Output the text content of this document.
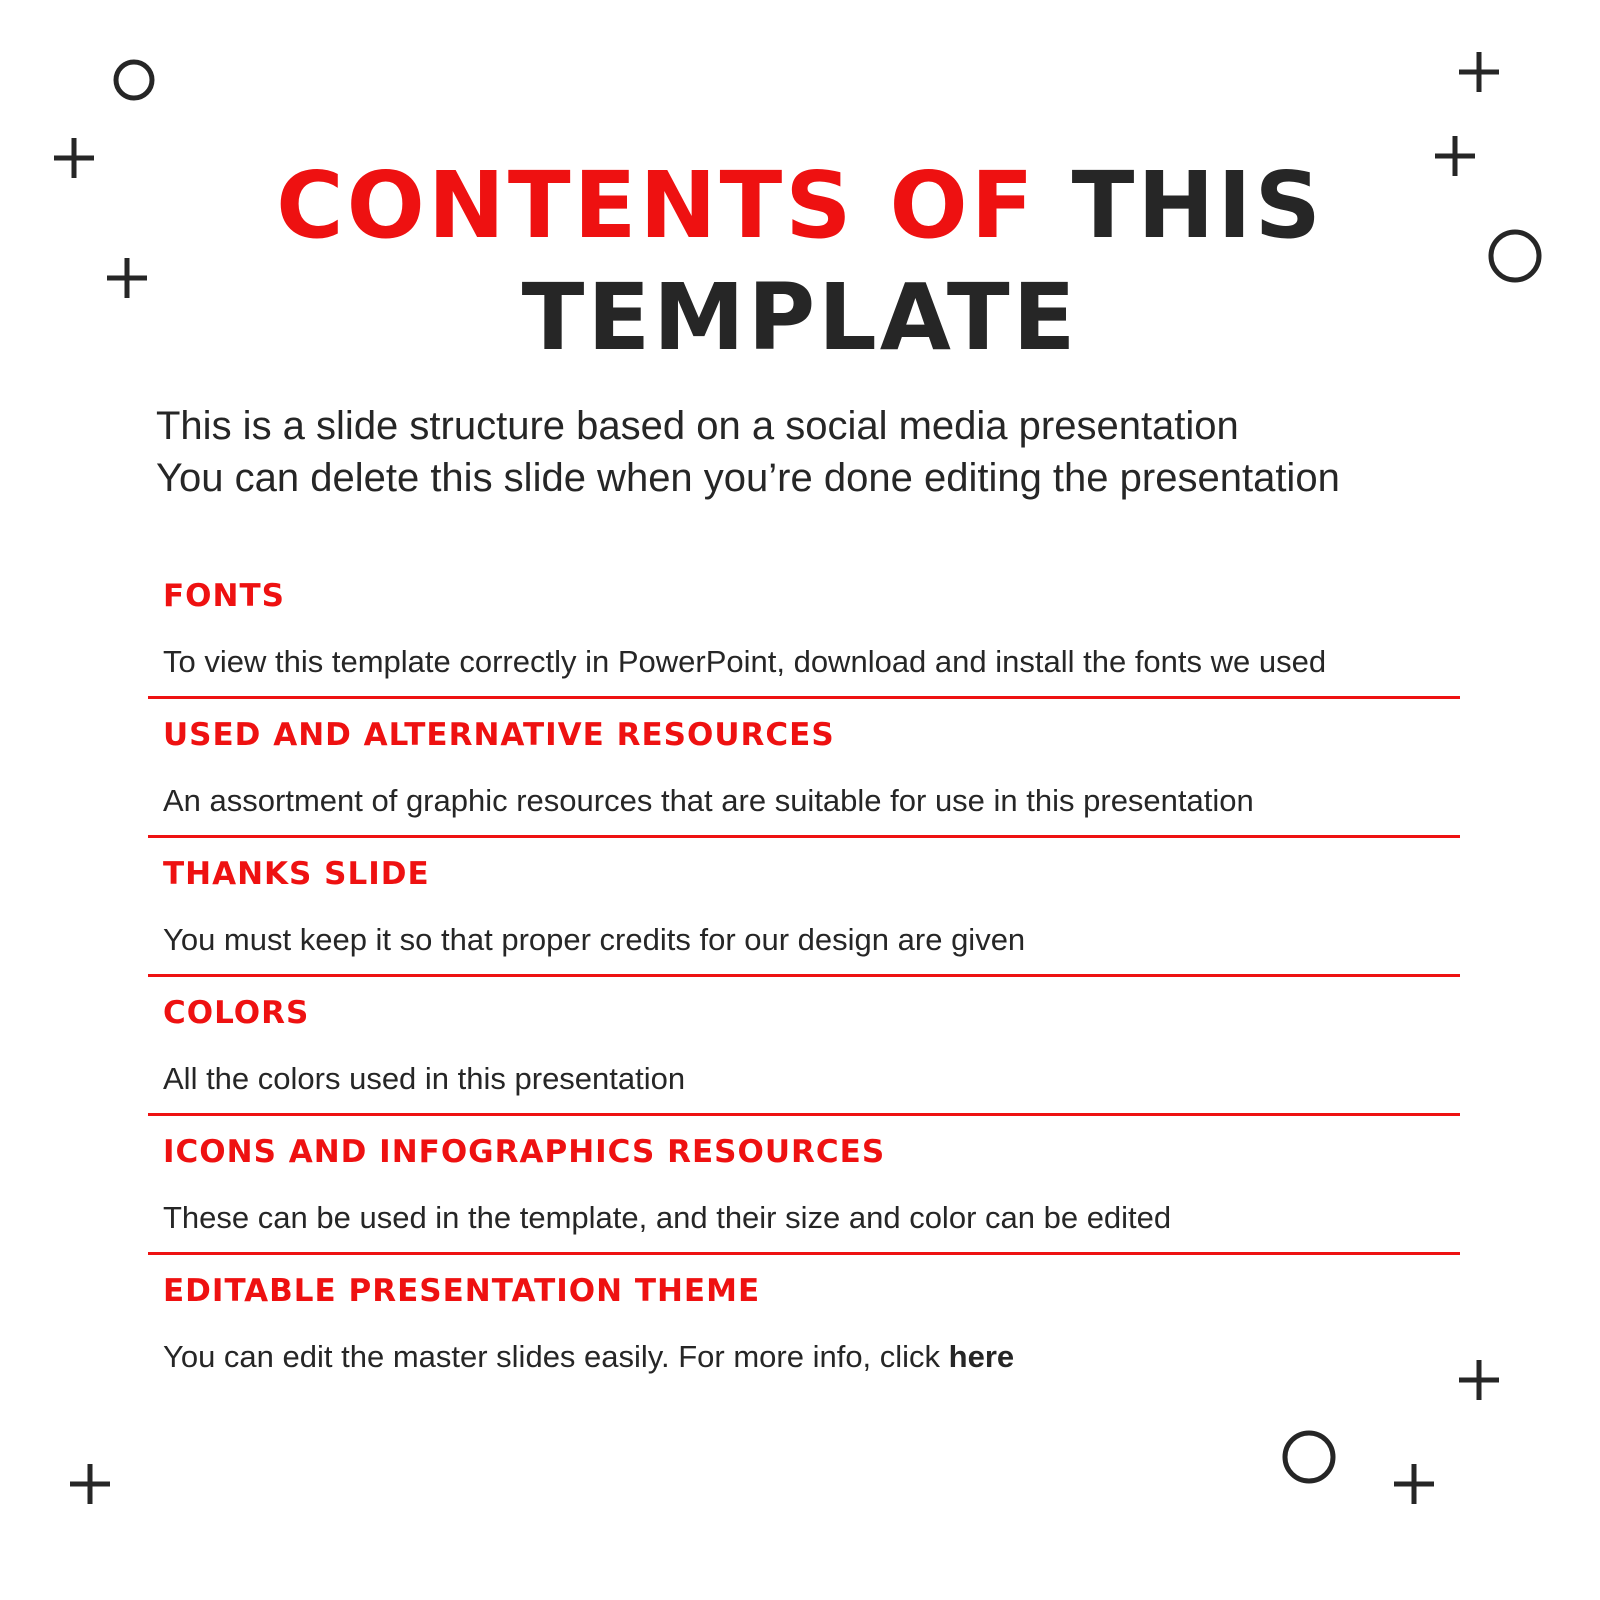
CONTENTS OF THIS
TEMPLATE
This is a slide structure based on a social media presentation
You can delete this slide when you’re done editing the presentation
FONTS
To view this template correctly in PowerPoint, download and install the fonts we used
USED AND ALTERNATIVE RESOURCES
An assortment of graphic resources that are suitable for use in this presentation
THANKS SLIDE
You must keep it so that proper credits for our design are given
COLORS
All the colors used in this presentation
ICONS AND INFOGRAPHICS RESOURCES
These can be used in the template, and their size and color can be edited
EDITABLE PRESENTATION THEME
You can edit the master slides easily. For more info, click here
